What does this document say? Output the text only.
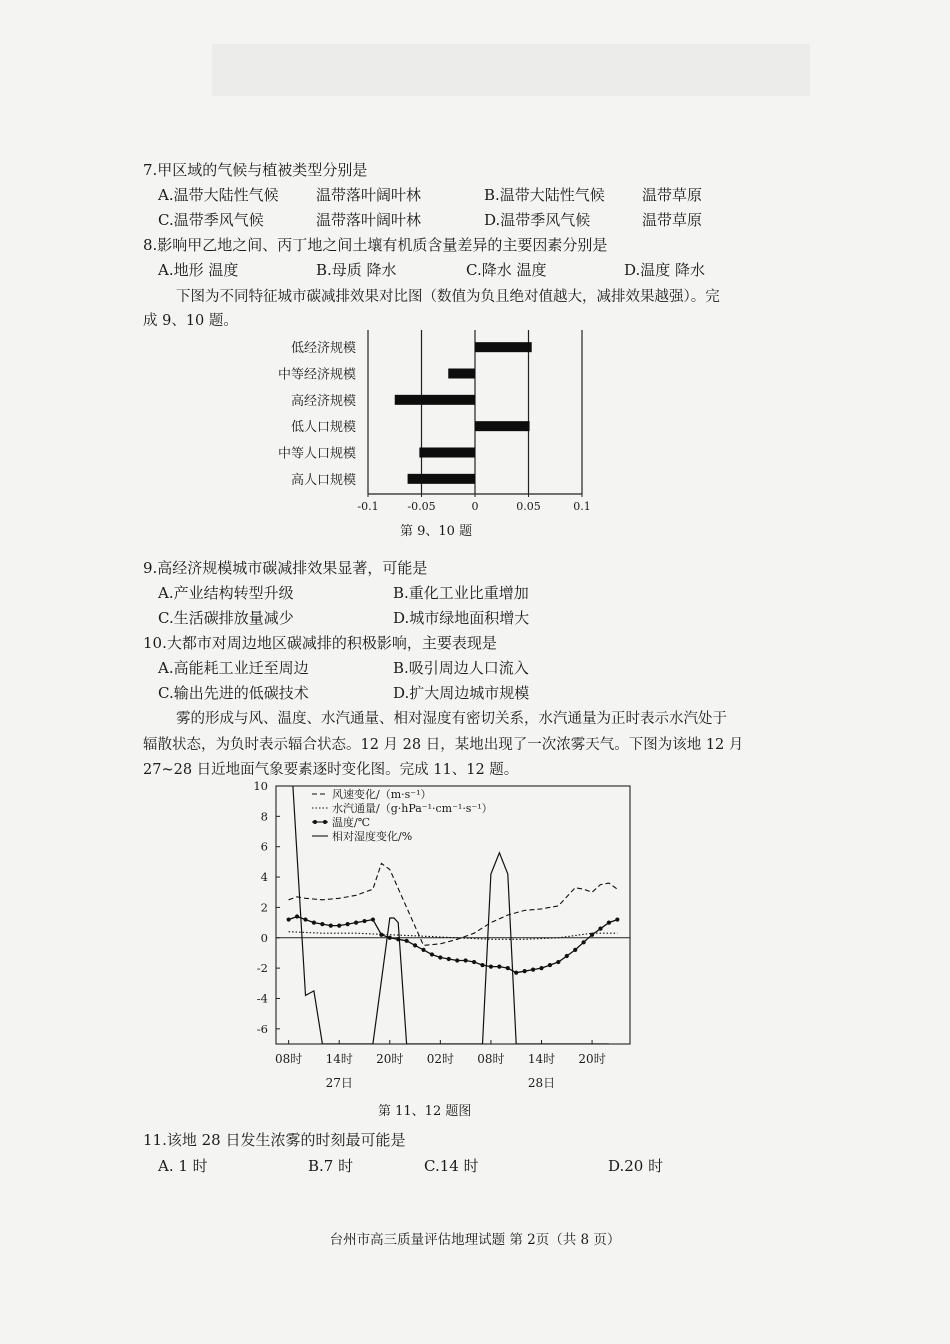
7.甲区域的气候与植被类型分别是
A.温带大陆性气候 温带落叶阔叶林	B.温带大陆性气候 温带草原
C.温带季风气候	温带落叶阔叶林	D.温带季风气候	温带草原
8.影响甲乙地之间、丙丁地之间土壤有机质含量差异的主要因素分别是
A.地形 温度	B.母质 降水	C.降水 温度	D.温度 降水
下图为不同特征城市碳减排效果对比图（数值为负且绝对值越大，减排效果越强）。完
成 9、10 题。
低经济规模
中等经济规模
高经济规模
低人口规模
中等人口规模
高人口规模
-0.1	-0.05	0	0.05	0.1
第 9、10 题
9.高经济规模城市碳减排效果显著，可能是
A.产业结构转型升级	B.重化工业比重增加
C.生活碳排放量减少	D.城市绿地面积增大
10.大都市对周边地区碳减排的积极影响，主要表现是
A.高能耗工业迁至周边	B.吸引周边人口流入
C.输出先进的低碳技术	D.扩大周边城市规模
雾的形成与风、温度、水汽通量、相对湿度有密切关系，水汽通量为正时表示水汽处于
辐散状态，为负时表示辐合状态。12 月 28 日，某地出现了一次浓雾天气。下图为该地 12 月
27~28 日近地面气象要素逐时变化图。完成 11、12 题。
10
8
6
4
2
0
-2
-4
-6
08时 14时 20时 02时 08时 14时 20时
27日	28日
风速变化/（m·s⁻¹）
水汽通量/（g·hPa⁻¹·cm⁻¹·s⁻¹）
温度/℃
相对湿度变化/%
第 11、12 题图
11.该地 28 日发生浓雾的时刻最可能是
A. 1 时	B.7 时	C.14 时	D.20 时
台州市高三质量评估地理试题 第 2页（共 8 页）
